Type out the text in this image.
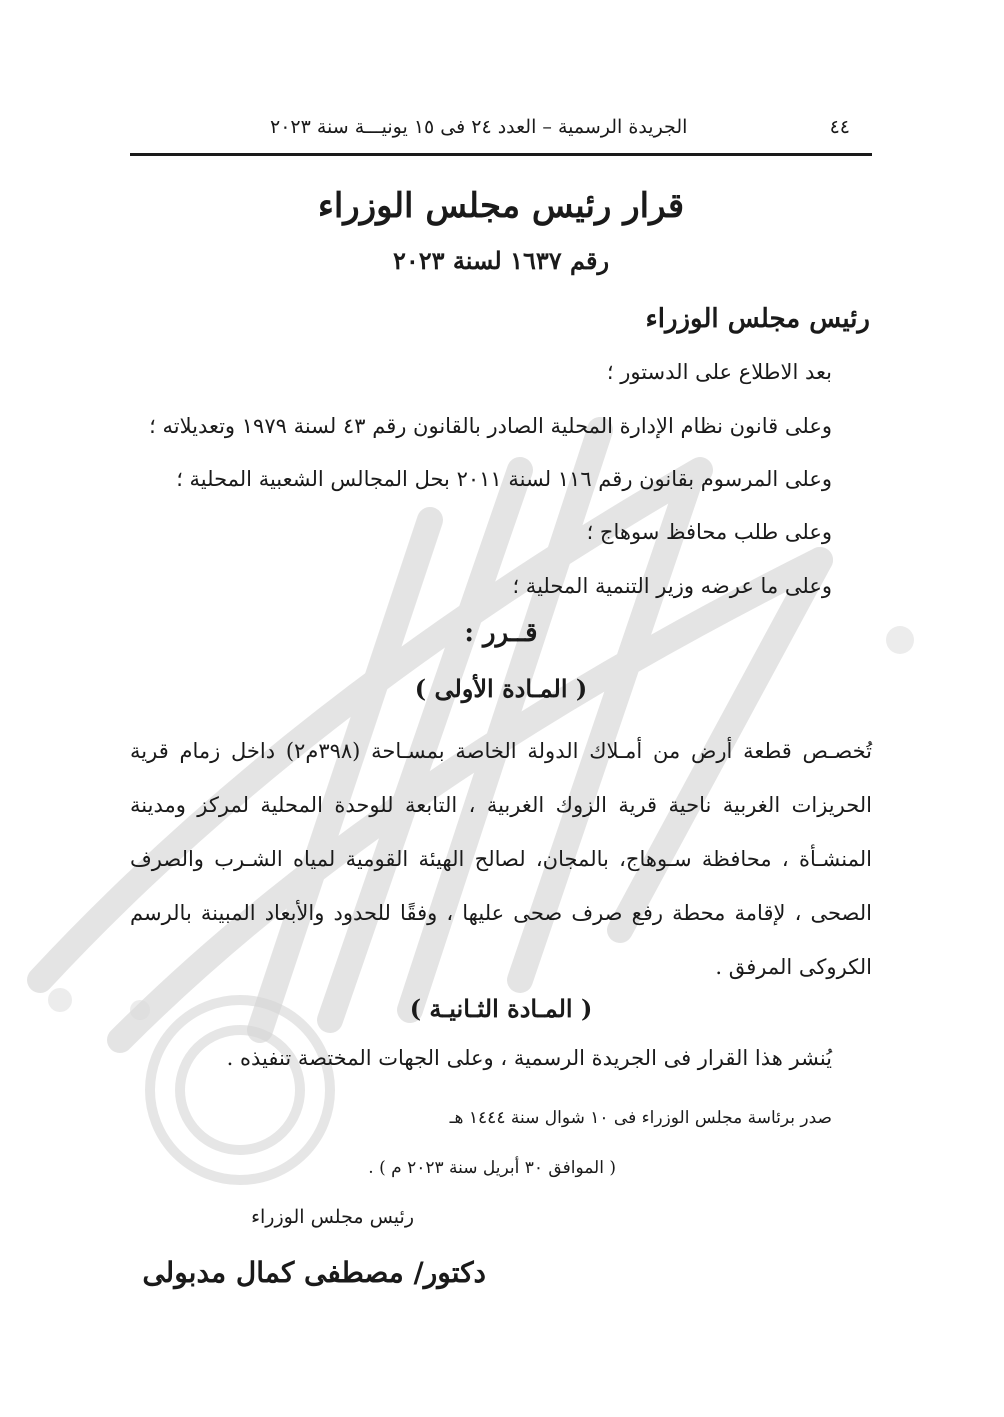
٤٤
الجريدة الرسمية – العدد ٢٤ فى ١٥ يونيـــة سنة ٢٠٢٣
قرار رئيس مجلس الوزراء
رقم ١٦٣٧ لسنة ٢٠٢٣
رئيس مجلس الوزراء
بعد الاطلاع على الدستور ؛
وعلى قانون نظام الإدارة المحلية الصادر بالقانون رقم ٤٣ لسنة ١٩٧٩ وتعديلاته ؛
وعلى المرسوم بقانون رقم ١١٦ لسنة ٢٠١١ بحل المجالس الشعبية المحلية ؛
وعلى طلب محافظ سوهاج ؛
وعلى ما عرضه وزير التنمية المحلية ؛
قــرر :
( المـادة الأولى )
تُخصـص قطعة أرض من أمـلاك الدولة الخاصة بمسـاحة (٣٩٨م٢) داخل زمام قرية الحريزات الغربية ناحية قرية الزوك الغربية ، التابعة للوحدة المحلية لمركز ومدينة المنشـأة ، محافظة سـوهاج، بالمجان، لصالح الهيئة القومية لمياه الشـرب والصرف الصحى ، لإقامة محطة رفع صرف صحى عليها ، وفقًا للحدود والأبعاد المبينة بالرسم الكروكى المرفق .
( المـادة الثـانيـة )
يُنشر هذا القرار فى الجريدة الرسمية ، وعلى الجهات المختصة تنفيذه .
صدر برئاسة مجلس الوزراء فى ١٠ شوال سنة ١٤٤٤ هـ
( الموافق ٣٠ أبريل سنة ٢٠٢٣ م ) .
رئيس مجلس الوزراء
دكتور/ مصطفى كمال مدبولى
